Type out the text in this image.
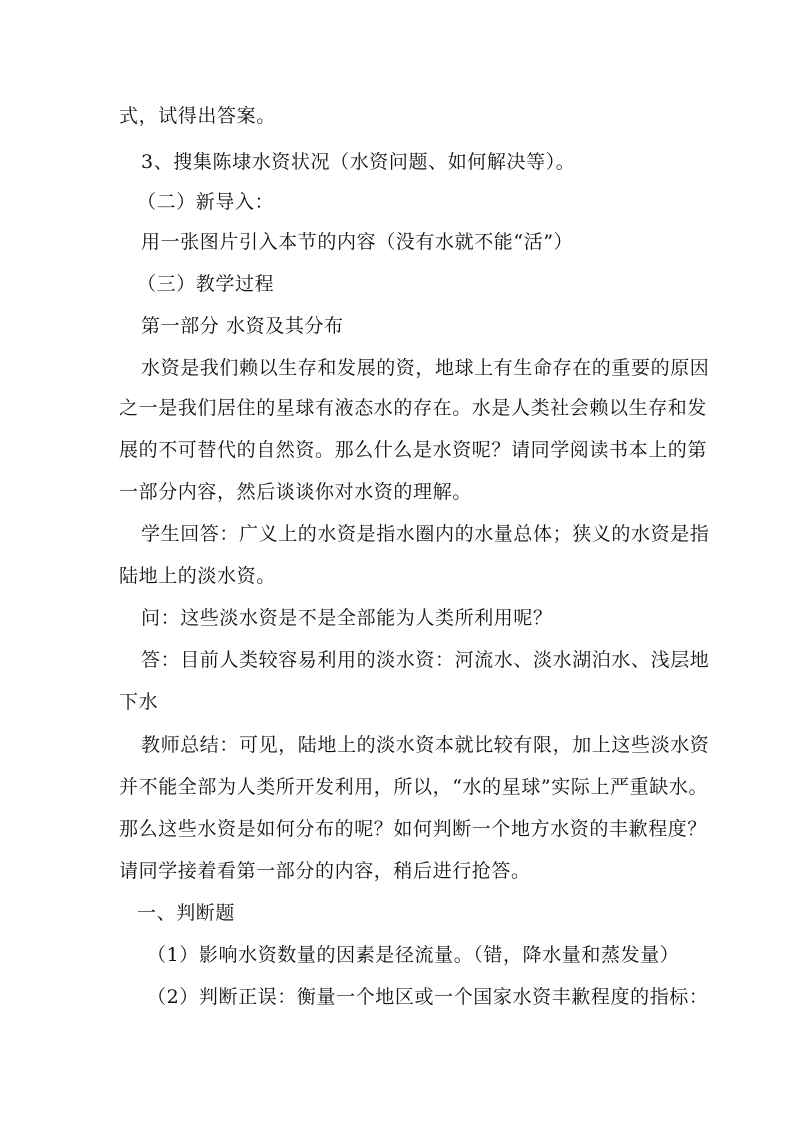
式，试得出答案。
3、搜集陈埭水资状况（水资问题、如何解决等）。
（二）新导入：
用一张图片引入本节的内容（没有水就不能“活”）
（三）教学过程
第一部分 水资及其分布
水资是我们赖以生存和发展的资，地球上有生命存在的重要的原因
之一是我们居住的星球有液态水的存在。水是人类社会赖以生存和发
展的不可替代的自然资。那么什么是水资呢？请同学阅读书本上的第
一部分内容，然后谈谈你对水资的理解。
学生回答：广义上的水资是指水圈内的水量总体；狭义的水资是指
陆地上的淡水资。
问：这些淡水资是不是全部能为人类所利用呢？
答：目前人类较容易利用的淡水资：河流水、淡水湖泊水、浅层地
下水
教师总结：可见，陆地上的淡水资本就比较有限，加上这些淡水资
并不能全部为人类所开发利用，所以，“水的星球”实际上严重缺水。
那么这些水资是如何分布的呢？如何判断一个地方水资的丰歉程度？
请同学接着看第一部分的内容，稍后进行抢答。
一、判断题
（1）影响水资数量的因素是径流量。（错，降水量和蒸发量）
（2）判断正误：衡量一个地区或一个国家水资丰歉程度的指标：
